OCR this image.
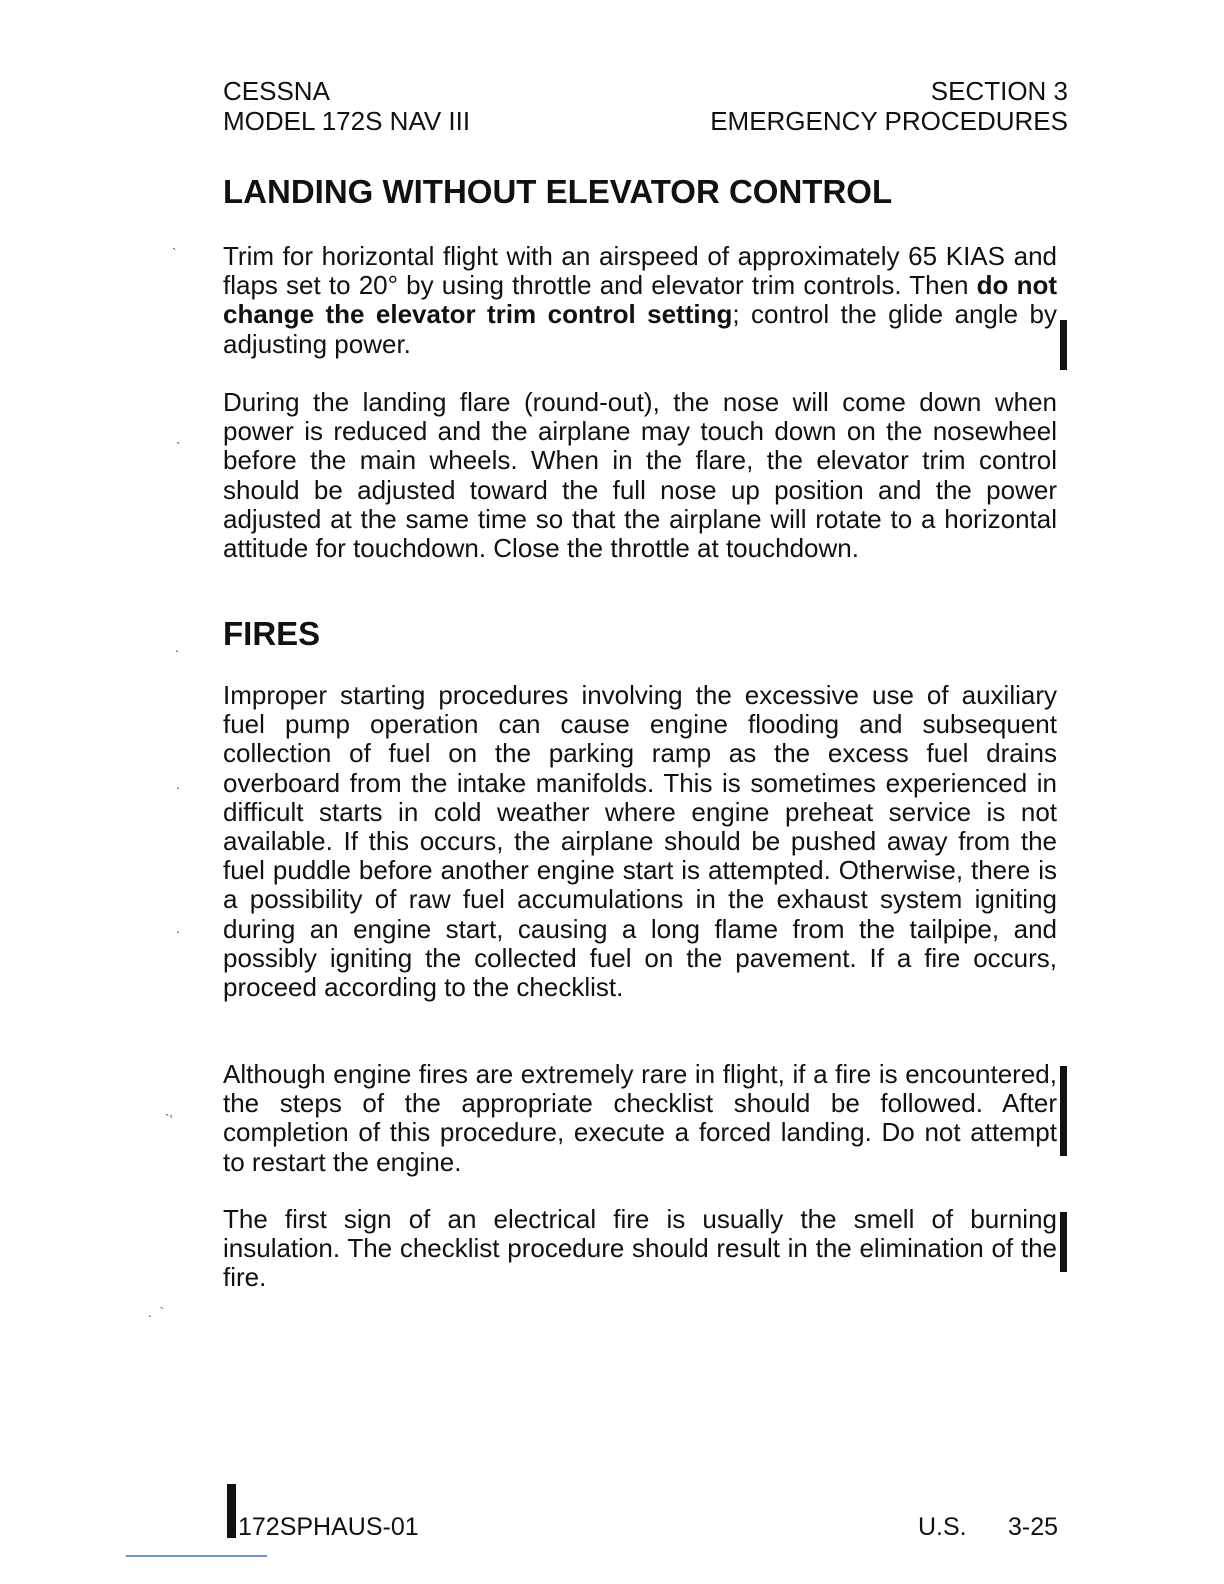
CESSNA
MODEL 172S NAV III
SECTION 3
EMERGENCY PROCEDURES
LANDING WITHOUT ELEVATOR CONTROL

Trim for horizontal flight with an airspeed of approximately 65 KIAS and flaps set to 20° by using throttle and elevator trim controls. Then do not change the elevator trim control setting; control the glide angle by adjusting power.

During the landing flare (round-out), the nose will come down when power is reduced and the airplane may touch down on the nosewheel before the main wheels. When in the flare, the elevator trim control should be adjusted toward the full nose up position and the power adjusted at the same time so that the airplane will rotate to a horizontal attitude for touchdown. Close the throttle at touchdown.

FIRES

Improper starting procedures involving the excessive use of auxiliary fuel pump operation can cause engine flooding and subsequent collection of fuel on the parking ramp as the excess fuel drains overboard from the intake manifolds. This is sometimes experienced in difficult starts in cold weather where engine preheat service is not available. If this occurs, the airplane should be pushed away from the fuel puddle before another engine start is attempted. Otherwise, there is a possibility of raw fuel accumulations in the exhaust system igniting during an engine start, causing a long flame from the tailpipe, and possibly igniting the collected fuel on the pavement. If a fire occurs, proceed according to the checklist.

Although engine fires are extremely rare in flight, if a fire is encountered, the steps of the appropriate checklist should be followed. After completion of this procedure, execute a forced landing. Do not attempt to restart the engine.

The first sign of an electrical fire is usually the smell of burning insulation. The checklist procedure should result in the elimination of the fire.

`
`
.
.
.
`‘
.  `
172SPHAUS-01	U.S. 3-25
